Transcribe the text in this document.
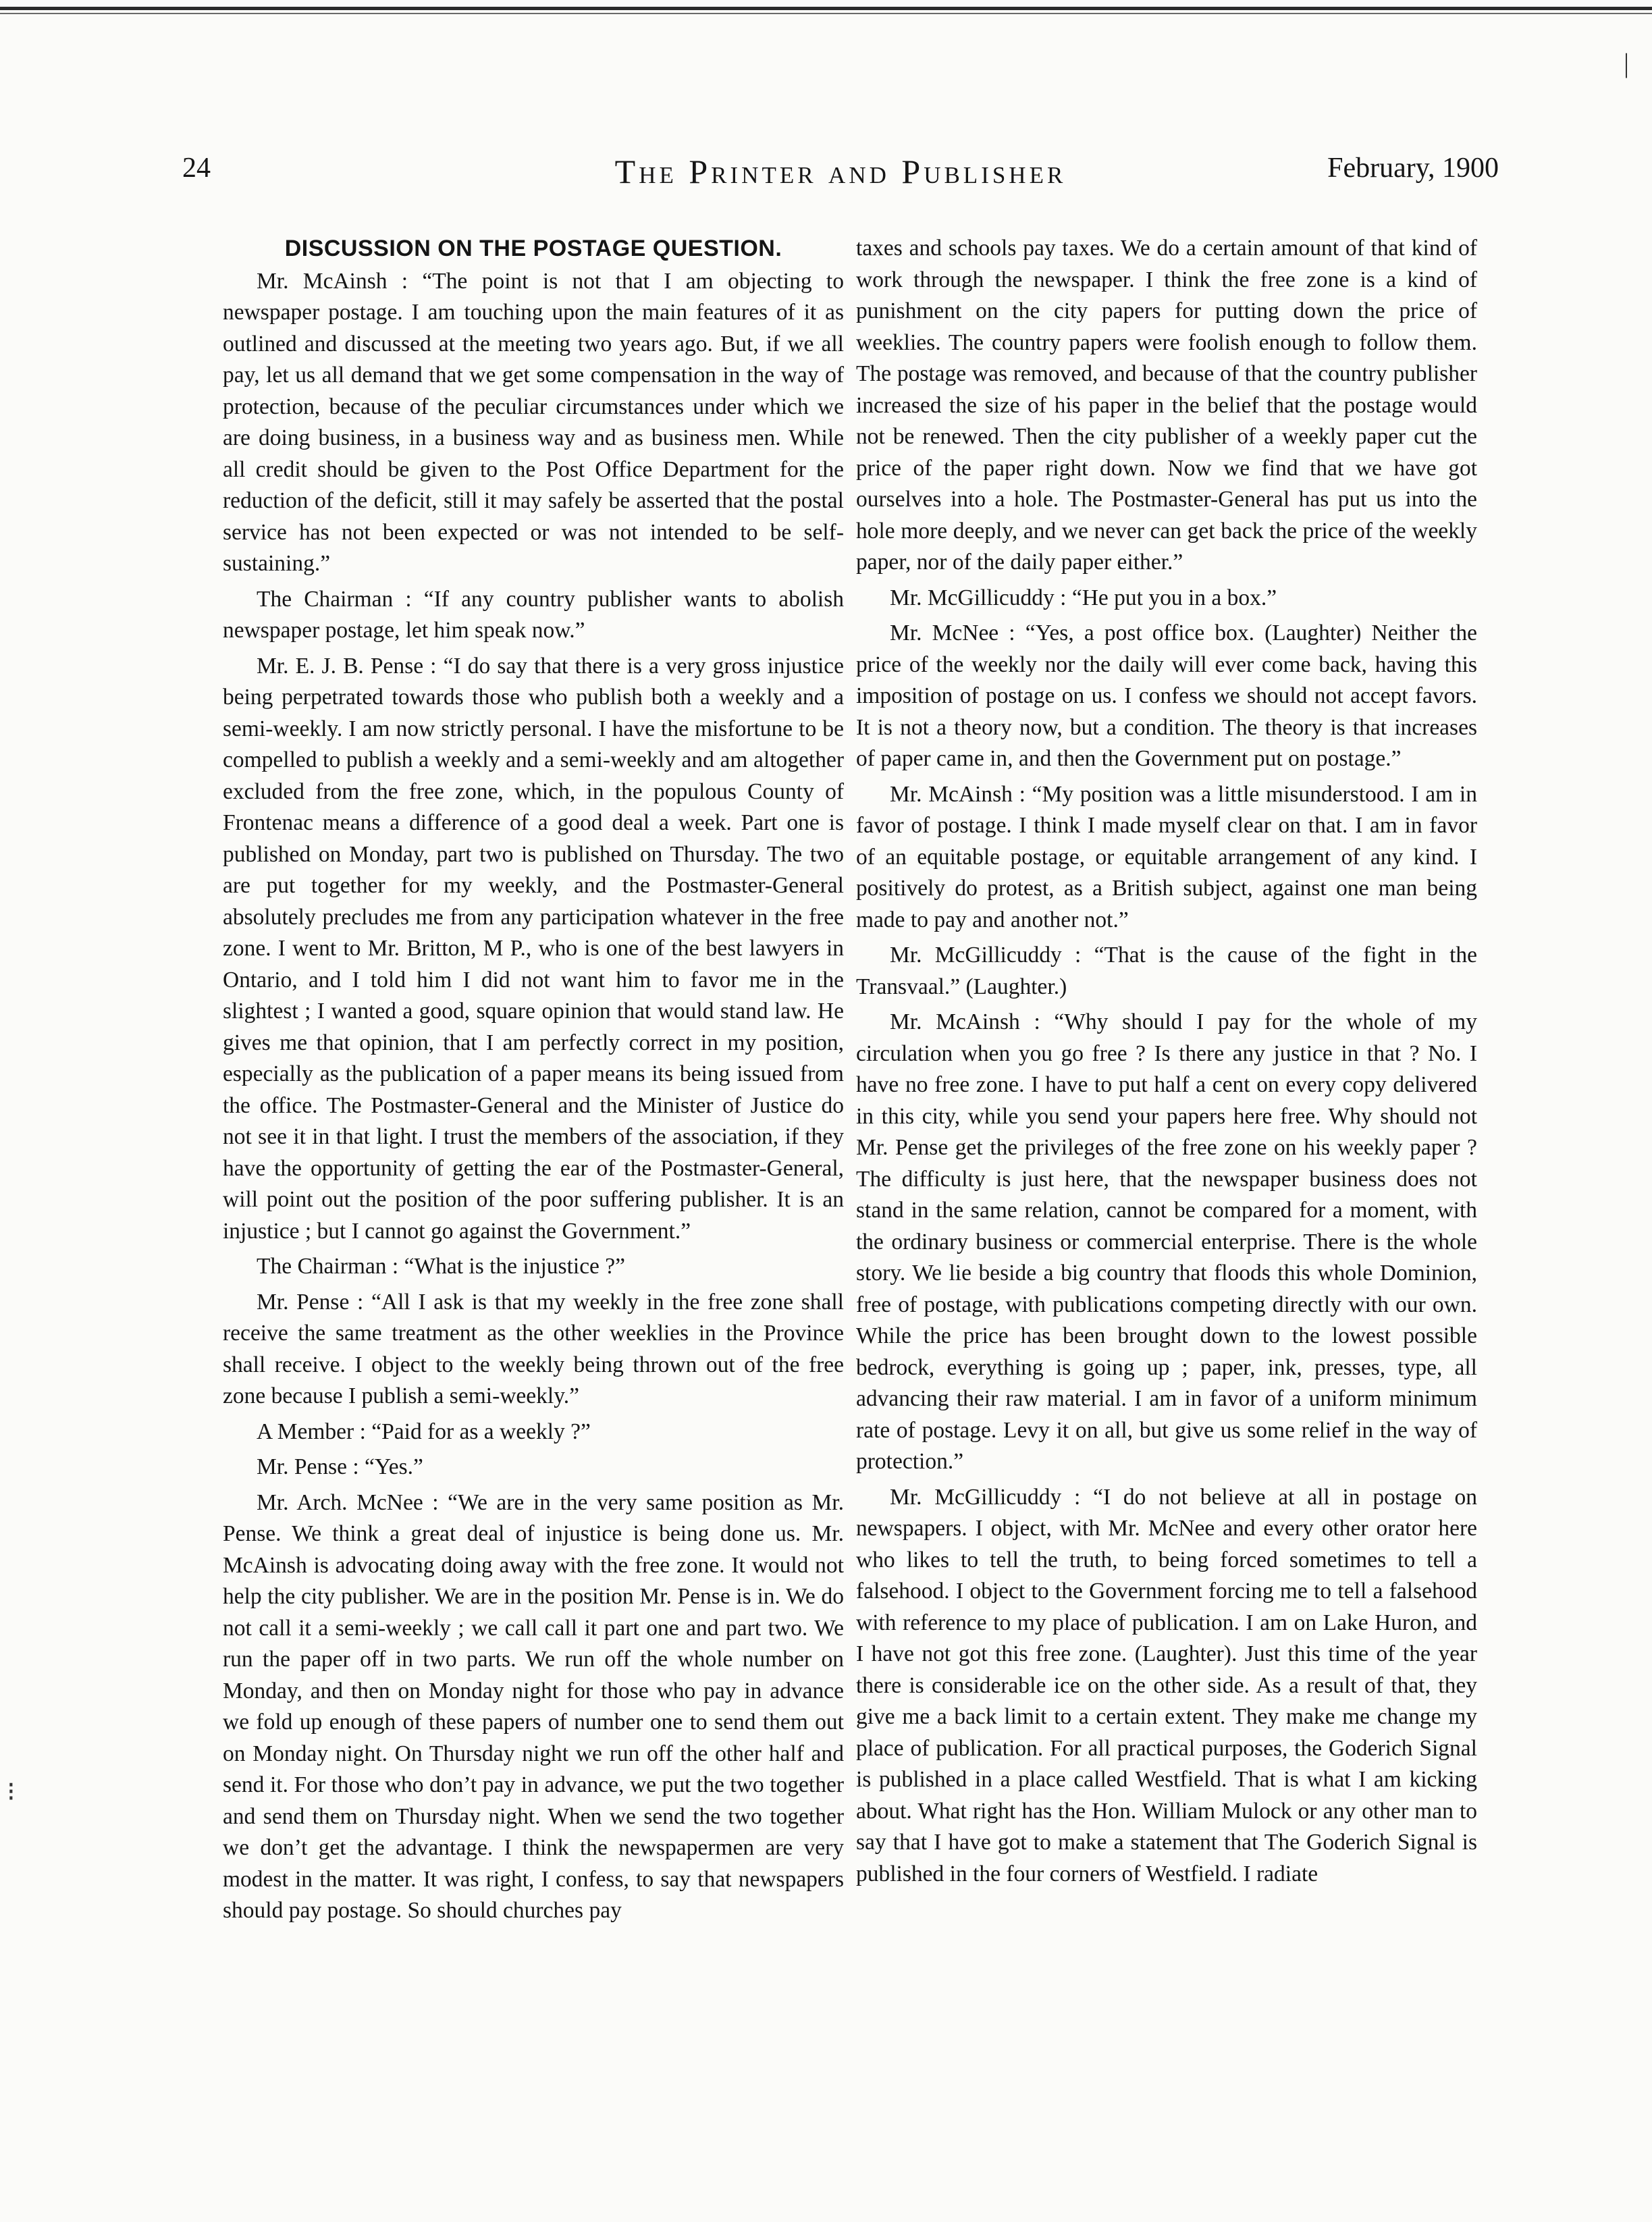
24	The Printer and Publisher	February, 1900
DISCUSSION ON THE POSTAGE QUESTION.

Mr. McAinsh : “The point is not that I am objecting to newspaper postage. I am touching upon the main features of it as outlined and discussed at the meeting two years ago. But, if we all pay, let us all demand that we get some compensation in the way of protection, because of the peculiar circumstances under which we are doing business, in a business way and as business men. While all credit should be given to the Post Office Department for the reduction of the deficit, still it may safely be asserted that the postal service has not been expected or was not intended to be self-sustaining.”

The Chairman : “If any country publisher wants to abolish newspaper postage, let him speak now.”

Mr. E. J. B. Pense : “I do say that there is a very gross injustice being perpetrated towards those who publish both a weekly and a semi-weekly. I am now strictly personal. I have the misfortune to be compelled to publish a weekly and a semi-weekly and am altogether excluded from the free zone, which, in the populous County of Frontenac means a difference of a good deal a week. Part one is published on Monday, part two is published on Thursday. The two are put together for my weekly, and the Postmaster-General absolutely precludes me from any participation whatever in the free zone. I went to Mr. Britton, M P., who is one of the best lawyers in Ontario, and I told him I did not want him to favor me in the slightest ; I wanted a good, square opinion that would stand law. He gives me that opinion, that I am perfectly correct in my position, especially as the publication of a paper means its being issued from the office. The Postmaster-General and the Minister of Justice do not see it in that light. I trust the members of the association, if they have the opportunity of getting the ear of the Postmaster-General, will point out the position of the poor suffering publisher. It is an injustice ; but I cannot go against the Government.”

The Chairman : “What is the injustice ?”

Mr. Pense : “All I ask is that my weekly in the free zone shall receive the same treatment as the other weeklies in the Province shall receive. I object to the weekly being thrown out of the free zone because I publish a semi-weekly.”

A Member : “Paid for as a weekly ?”

Mr. Pense : “Yes.”

Mr. Arch. McNee : “We are in the very same position as Mr. Pense. We think a great deal of injustice is being done us. Mr. McAinsh is advocating doing away with the free zone. It would not help the city publisher. We are in the position Mr. Pense is in. We do not call it a semi-weekly ; we call call it part one and part two. We run the paper off in two parts. We run off the whole number on Monday, and then on Monday night for those who pay in advance we fold up enough of these papers of number one to send them out on Monday night. On Thursday night we run off the other half and send it. For those who don’t pay in advance, we put the two together and send them on Thursday night. When we send the two together we don’t get the advantage. I think the newspapermen are very modest in the matter. It was right, I confess, to say that newspapers should pay postage. So should churches pay

taxes and schools pay taxes. We do a certain amount of that kind of work through the newspaper. I think the free zone is a kind of punishment on the city papers for putting down the price of weeklies. The country papers were foolish enough to follow them. The postage was removed, and because of that the country publisher increased the size of his paper in the belief that the postage would not be renewed. Then the city publisher of a weekly paper cut the price of the paper right down. Now we find that we have got ourselves into a hole. The Postmaster-General has put us into the hole more deeply, and we never can get back the price of the weekly paper, nor of the daily paper either.”

Mr. McGillicuddy : “He put you in a box.”

Mr. McNee : “Yes, a post office box. (Laughter) Neither the price of the weekly nor the daily will ever come back, having this imposition of postage on us. I confess we should not accept favors. It is not a theory now, but a condition. The theory is that increases of paper came in, and then the Government put on postage.”

Mr. McAinsh : “My position was a little misunderstood. I am in favor of postage. I think I made myself clear on that. I am in favor of an equitable postage, or equitable arrangement of any kind. I positively do protest, as a British subject, against one man being made to pay and another not.”

Mr. McGillicuddy : “That is the cause of the fight in the Transvaal.” (Laughter.)

Mr. McAinsh : “Why should I pay for the whole of my circulation when you go free ? Is there any justice in that ? No. I have no free zone. I have to put half a cent on every copy delivered in this city, while you send your papers here free. Why should not Mr. Pense get the privileges of the free zone on his weekly paper ? The difficulty is just here, that the newspaper business does not stand in the same relation, cannot be compared for a moment, with the ordinary business or commercial enterprise. There is the whole story. We lie beside a big country that floods this whole Dominion, free of postage, with publications competing directly with our own. While the price has been brought down to the lowest possible bedrock, everything is going up ; paper, ink, presses, type, all advancing their raw material. I am in favor of a uniform minimum rate of postage. Levy it on all, but give us some relief in the way of protection.”

Mr. McGillicuddy : “I do not believe at all in postage on newspapers. I object, with Mr. McNee and every other orator here who likes to tell the truth, to being forced sometimes to tell a falsehood. I object to the Government forcing me to tell a falsehood with reference to my place of publication. I am on Lake Huron, and I have not got this free zone. (Laughter). Just this time of the year there is considerable ice on the other side. As a result of that, they give me a back limit to a certain extent. They make me change my place of publication. For all practical purposes, the Goderich Signal is published in a place called Westfield. That is what I am kicking about. What right has the Hon. William Mulock or any other man to say that I have got to make a statement that The Goderich Signal is published in the four corners of Westfield. I radiate

|
⁝
